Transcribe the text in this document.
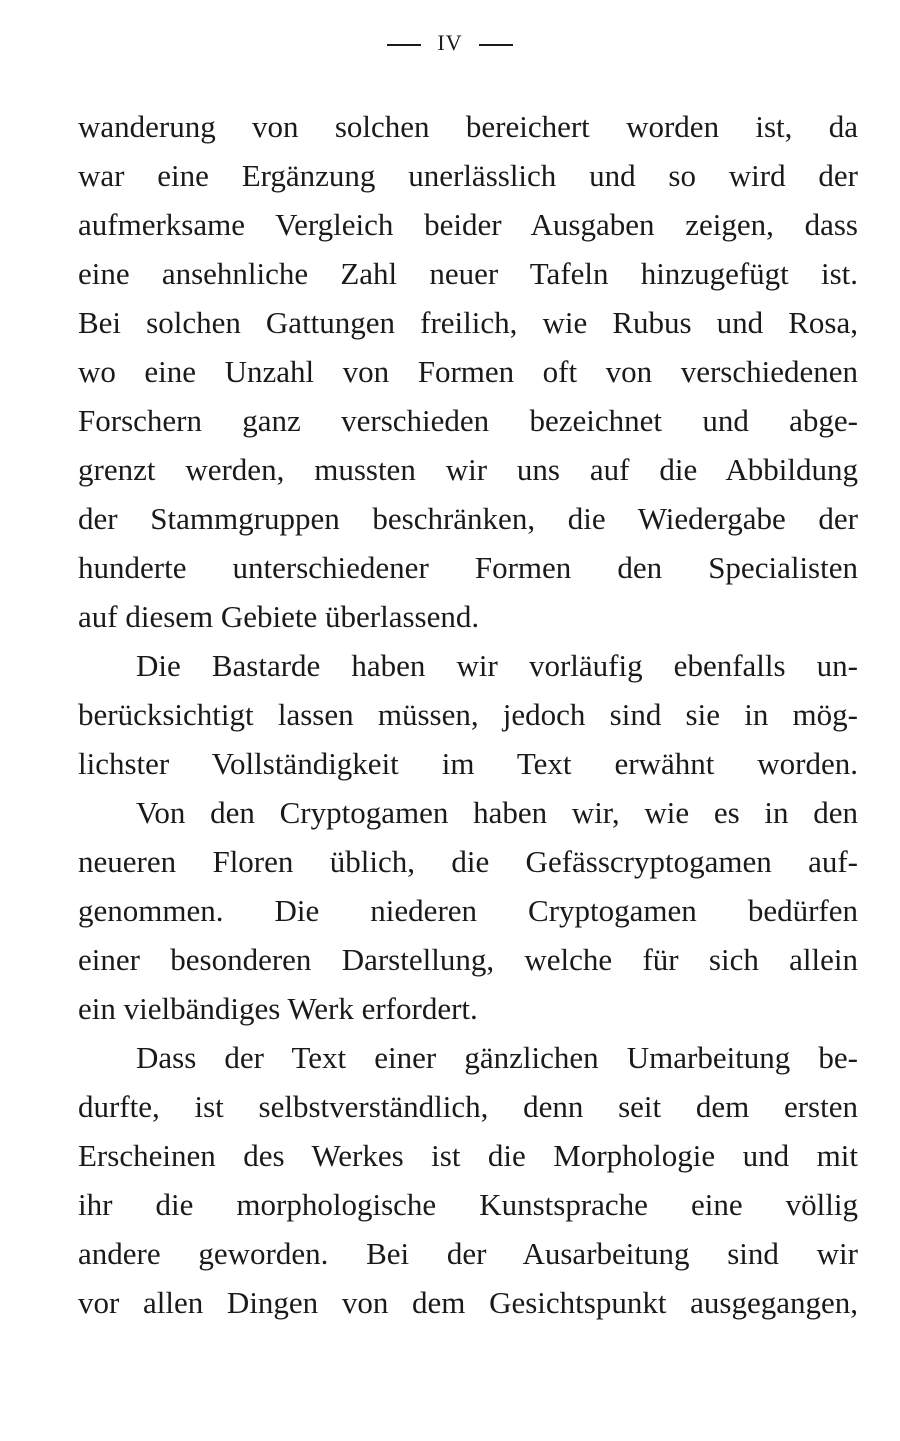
IV
wanderung von solchen bereichert worden ist, da
war eine Ergänzung unerlässlich und so wird der
aufmerksame Vergleich beider Ausgaben zeigen, dass
eine ansehnliche Zahl neuer Tafeln hinzugefügt ist.
Bei solchen Gattungen freilich, wie Rubus und Rosa,
wo eine Unzahl von Formen oft von verschiedenen
Forschern ganz verschieden bezeichnet und abge-
grenzt werden, mussten wir uns auf die Abbildung
der Stammgruppen beschränken, die Wiedergabe der
hunderte unterschiedener Formen den Specialisten
auf diesem Gebiete überlassend.
Die Bastarde haben wir vorläufig ebenfalls un-
berücksichtigt lassen müssen, jedoch sind sie in mög-
lichster Vollständigkeit im Text erwähnt worden.
Von den Cryptogamen haben wir, wie es in den
neueren Floren üblich, die Gefässcryptogamen auf-
genommen. Die niederen Cryptogamen bedürfen
einer besonderen Darstellung, welche für sich allein
ein vielbändiges Werk erfordert.
Dass der Text einer gänzlichen Umarbeitung be-
durfte, ist selbstverständlich, denn seit dem ersten
Erscheinen des Werkes ist die Morphologie und mit
ihr die morphologische Kunstsprache eine völlig
andere geworden. Bei der Ausarbeitung sind wir
vor allen Dingen von dem Gesichtspunkt ausgegangen,
